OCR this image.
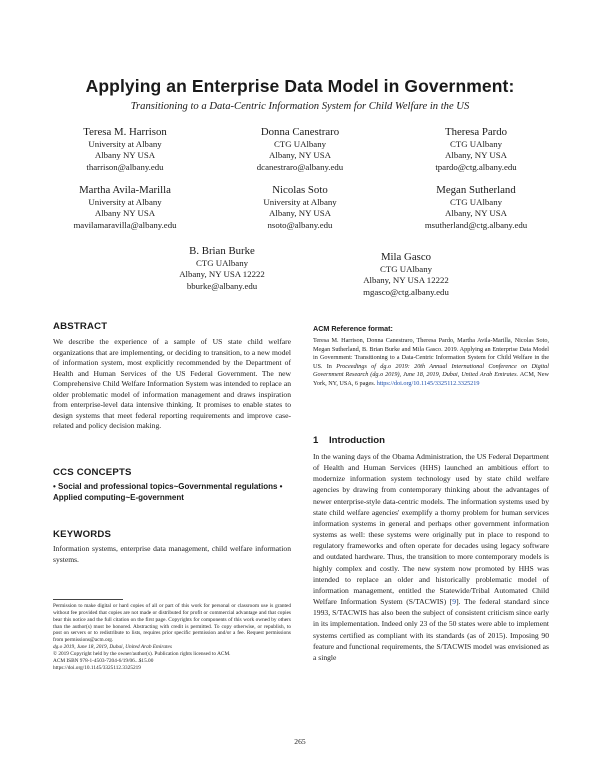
Applying an Enterprise Data Model in Government:
Transitioning to a Data-Centric Information System for Child Welfare in the US
Teresa M. Harrison
University at Albany
Albany NY USA
tharrison@albany.edu
Donna Canestraro
CTG UAlbany
Albany, NY USA
dcanestraro@albany.edu
Theresa Pardo
CTG UAlbany
Albany, NY USA
tpardo@ctg.albany.edu
Martha Avila-Marilla
University at Albany
Albany NY USA
mavilamaravilla@albany.edu
Nicolas Soto
University at Albany
Albany, NY USA
nsoto@albany.edu
Megan Sutherland
CTG UAlbany
Albany, NY USA
msutherland@ctg.albany.edu
B. Brian Burke
CTG UAlbany
Albany, NY USA 12222
bburke@albany.edu
Mila Gasco
CTG UAlbany
Albany, NY USA 12222
mgasco@ctg.albany.edu
ABSTRACT

We describe the experience of a sample of US state child welfare organizations that are implementing, or deciding to transition, to a new model of information system, most explicitly recommended by the Department of Health and Human Services of the US Federal Government. The new Comprehensive Child Welfare Information System was intended to replace an older problematic model of information management and draws inspiration from enterprise-level data intensive thinking. It promises to enable states to design systems that meet federal reporting requirements and improve case-related and policy decision making.

CCS CONCEPTS
• Social and professional topics~Governmental regulations • Applied computing~E-government
KEYWORDS
Information systems, enterprise data management, child welfare information systems.
Permission to make digital or hard copies of all or part of this work for personal or classroom use is granted without fee provided that copies are not made or distributed for profit or commercial advantage and that copies bear this notice and the full citation on the first page. Copyrights for components of this work owned by others than the author(s) must be honored. Abstracting with credit is permitted. To copy otherwise, or republish, to post on servers or to redistribute to lists, requires prior specific permission and/or a fee. Request permissions from permissions@acm.org.
dg.o 2019, June 18, 2019, Dubai, United Arab Emirates
© 2019 Copyright held by the owner/author(s). Publication rights licensed to ACM.
ACM ISBN 978-1-4503-7204-6/19/06...$15.00
https://doi.org/10.1145/3325112.3325219
ACM Reference format:
Teresa M. Harrison, Donna Canestraro, Theresa Pardo, Martha Avila-Marilla, Nicolas Soto, Megan Sutherland, B. Brian Burke and Mila Gasco. 2019. Applying an Enterprise Data Model in Government: Transitioning to a Data-Centric Information System for Child Welfare in the US. In Proceedings of dg.o 2019: 20th Annual International Conference on Digital Government Research (dg.o 2019), June 18, 2019, Dubai, United Arab Emirates. ACM, New York, NY, USA, 6 pages. https://doi.org/10.1145/3325112.3325219
1    Introduction

In the waning days of the Obama Administration, the US Federal Department of Health and Human Services (HHS) launched an ambitious effort to modernize information system technology used by state child welfare agencies by drawing from contemporary thinking about the advantages of newer enterprise-style data-centric models. The information systems used by state child welfare agencies' exemplify a thorny problem for human services information systems in general and perhaps other government information systems as well: these systems were originally put in place to respond to regulatory frameworks and often operate for decades using legacy software and outdated hardware. Thus, the transition to more contemporary models is highly complex and costly. The new system now promoted by HHS was intended to replace an older and historically problematic model of information management, entitled the Statewide/Tribal Automated Child Welfare Information System (S/TACWIS) [9]. The federal standard since 1993, S/TACWIS has also been the subject of consistent criticism since early in its implementation. Indeed only 23 of the 50 states were able to implement systems certified as compliant with its standards (as of 2015). Imposing 90 feature and functional requirements, the S/TACWIS model was envisioned as a single

265
